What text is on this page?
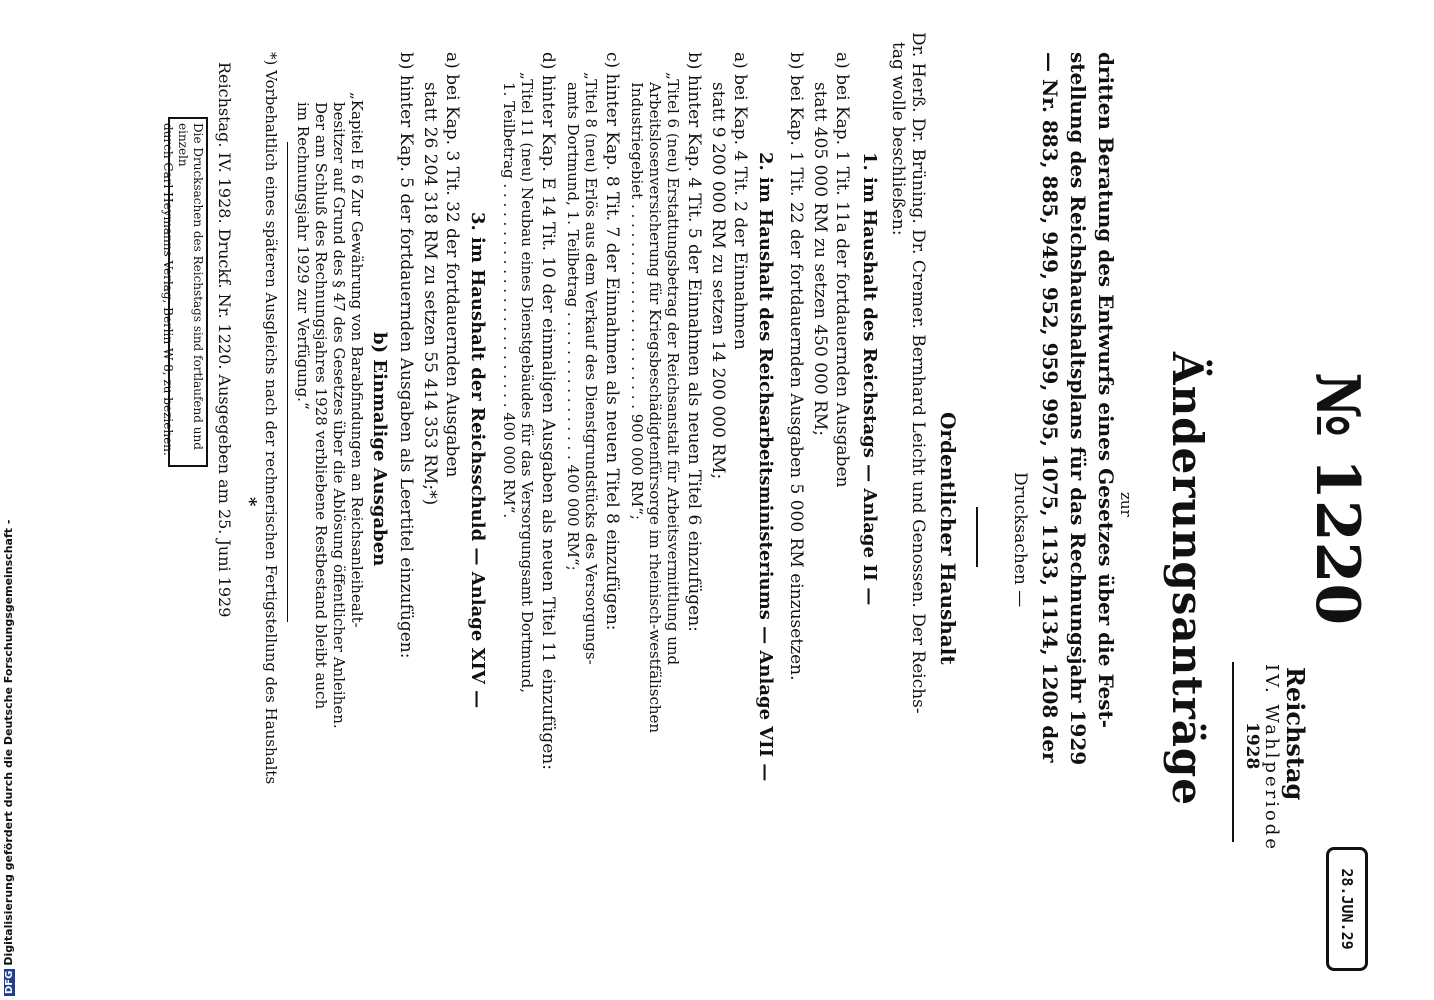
№ 1220
Reichstag
IV. Wahlperiode
1928
28.JUN.29
Änderungsanträge
zur
dritten Beratung des Entwurfs eines Gesetzes über die Fest-
stellung des Reichshaushaltsplans für das Rechnungsjahr 1929
— Nr. 883, 885, 949, 952, 959, 995, 1075, 1133, 1134, 1208 der
Drucksachen —
Ordentlicher Haushalt
Dr. Herß. Dr. Brüning. Dr. Cremer. Bernhard Leicht und Genossen. Der Reichs-
tag wolle beschließen:
1. im Haushalt des Reichstags — Anlage II —
a) bei Kap. 1 Tit. 11a der fortdauernden Ausgaben
statt 405 000 RM zu setzen 450 000 RM;
b) bei Kap. 1 Tit. 22 der fortdauernden Ausgaben 5 000 RM einzusetzen.
2. im Haushalt des Reichsarbeitsministeriums — Anlage VII —
a) bei Kap. 4 Tit. 2 der Einnahmen
statt 9 200 000 RM zu setzen 14 200 000 RM;
b) hinter Kap. 4 Tit. 5 der Einnahmen als neuen Titel 6 einzufügen:
„Titel 6 (neu) Erstattungsbetrag der Reichsanstalt für Arbeitsvermittlung und
Arbeitslosenversicherung für Kriegsbeschädigtenfürsorge im rheinisch-westfälischen
Industriegebiet . . . . . . . . . . . . . . . . . . . . . . 900 000 RM“;
c) hinter Kap. 8 Tit. 7 der Einnahmen als neuen Titel 8 einzufügen:
„Titel 8 (neu) Erlös aus dem Verkauf des Dienstgrundstücks des Versorgungs-
amts Dortmund, 1. Teilbetrag . . . . . . . . . . . . . . . . 400 000 RM“;
d) hinter Kap. E 14 Tit. 10 der einmaligen Ausgaben als neuen Titel 11 einzufügen:
„Titel 11 (neu) Neubau eines Dienstgebäudes für das Versorgungsamt Dortmund,
1. Teilbetrag . . . . . . . . . . . . . . . . . . . . . . . . 400 000 RM“.
3. im Haushalt der Reichsschuld — Anlage XIV —
a) bei Kap. 3 Tit. 32 der fortdauernden Ausgaben
statt 26 204 318 RM zu setzen 55 414 353 RM;*)
b) hinter Kap. 5 der fortdauernden Ausgaben als Leertitel einzufügen:
b) Einmalige Ausgaben
„Kapitel E 6 Zur Gewährung von Barabfindungen an Reichsanleihealt-
besitzer auf Grund des § 47 des Gesetzes über die Ablösung öffentlicher Anleihen.
Der am Schluß des Rechnungsjahres 1928 verbliebene Restbestand bleibt auch
im Rechnungsjahr 1929 zur Verfügung.“
*) Vorbehaltlich eines späteren Ausgleichs nach der rechnerischen Fertigstellung des Haushalts
*
Reichstag. IV. 1928. Druckf. Nr. 1220. Ausgegeben am 25. Juni 1929
Die Drucksachen des Reichstags sind fortlaufend und einzeln
durch Carl Heymanns Verlag, Berlin W 8, zu beziehen.
DFGDigitalisierung gefördert durch die Deutsche Forschungsgemeinschaft -
